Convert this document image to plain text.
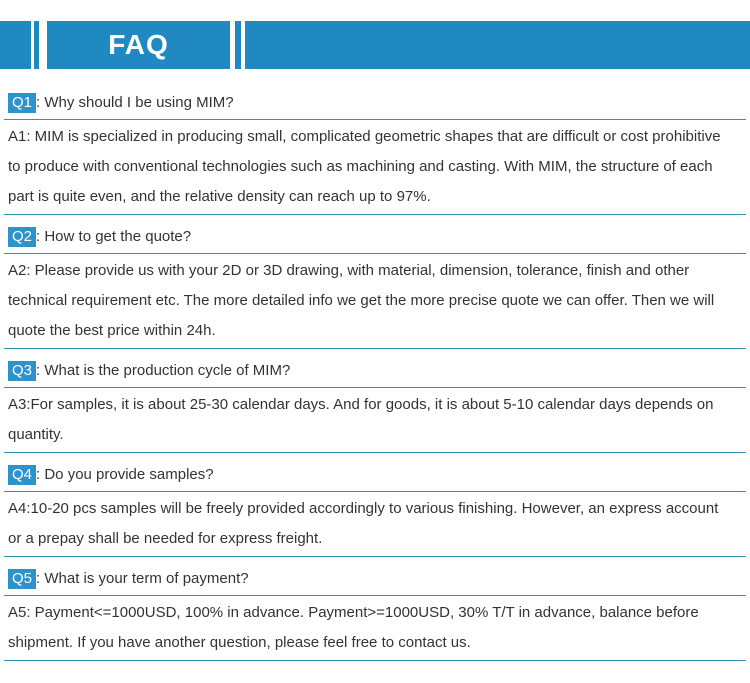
FAQ
Q1 : Why should I be using MIM?
A1: MIM is specialized in producing small, complicated geometric shapes that are difficult or cost prohibitive to produce with conventional technologies such as machining and casting. With MIM, the structure of each part is quite even, and the relative density can reach up to 97%.
Q2 : How to get the quote?
A2: Please provide us with your 2D or 3D drawing, with material, dimension, tolerance, finish and other technical requirement etc. The more detailed info we get the more precise quote we can offer. Then we will quote the best price within 24h.
Q3 : What is the production cycle of MIM?
A3:For samples, it is about 25-30 calendar days. And for goods, it is about 5-10 calendar days depends on quantity.
Q4 : Do you provide samples?
A4:10-20 pcs samples will be freely provided accordingly to various finishing. However, an express account or a prepay shall be needed for express freight.
Q5 : What is your term of payment?
A5: Payment<=1000USD, 100% in advance. Payment>=1000USD, 30% T/T in advance, balance before shipment. If you have another question, please feel free to contact us.
